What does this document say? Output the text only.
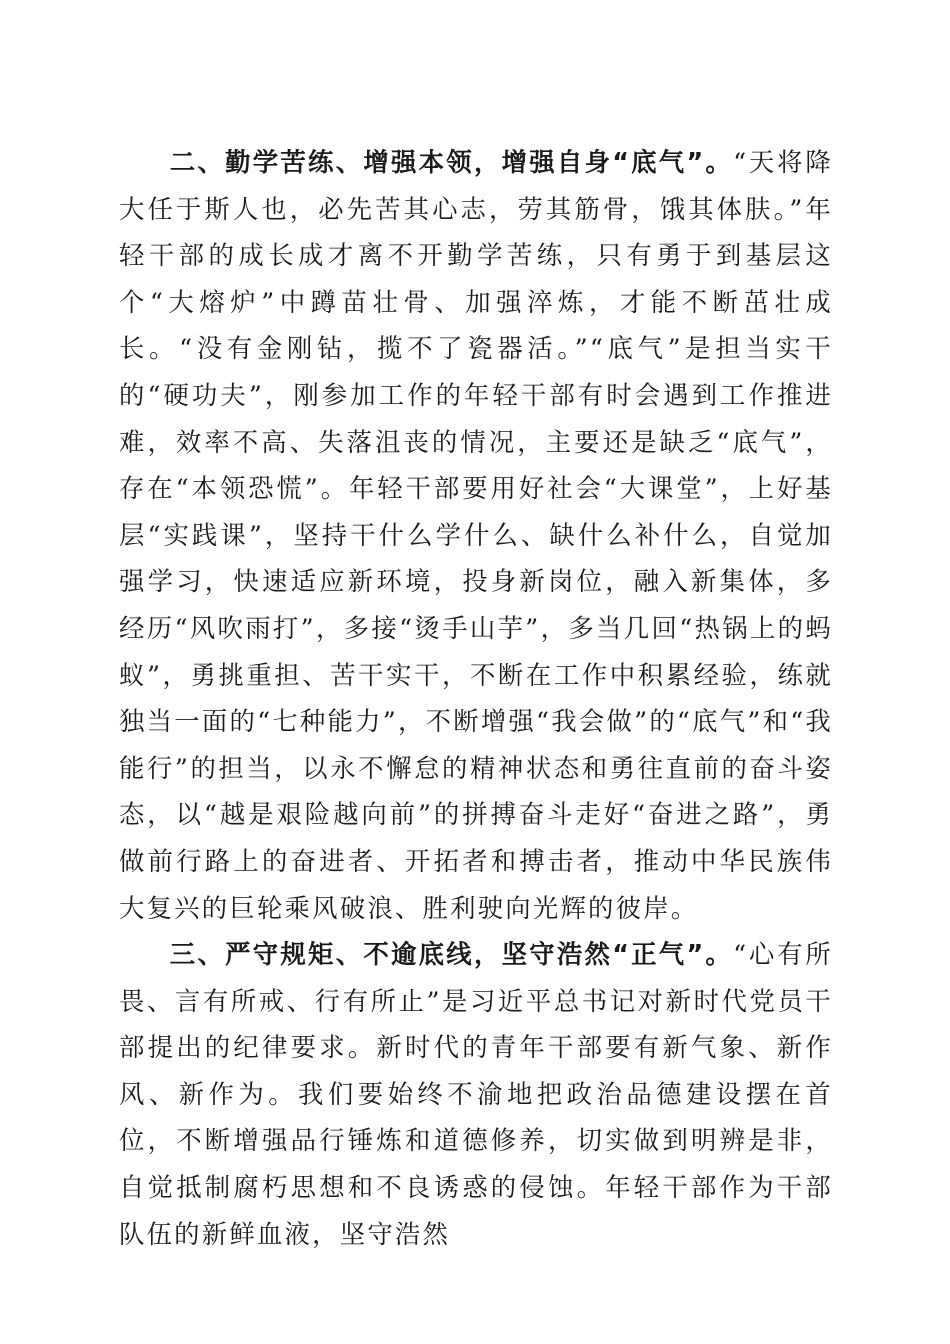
二、勤学苦练、增强本领，增强自身“底气”。“天将降大任于斯人也，必先苦其心志，劳其筋骨，饿其体肤。”年轻干部的成长成才离不开勤学苦练，只有勇于到基层这个“大熔炉”中蹲苗壮骨、加强淬炼，才能不断茁壮成长。“没有金刚钻，揽不了瓷器活。”“底气”是担当实干的“硬功夫”，刚参加工作的年轻干部有时会遇到工作推进难，效率不高、失落沮丧的情况，主要还是缺乏“底气”，存在“本领恐慌”。年轻干部要用好社会“大课堂”，上好基层“实践课”，坚持干什么学什么、缺什么补什么，自觉加强学习，快速适应新环境，投身新岗位，融入新集体，多经历“风吹雨打”，多接“烫手山芋”，多当几回“热锅上的蚂蚁”，勇挑重担、苦干实干，不断在工作中积累经验，练就独当一面的“七种能力”，不断增强“我会做”的“底气”和“我能行”的担当，以永不懈怠的精神状态和勇往直前的奋斗姿态，以“越是艰险越向前”的拼搏奋斗走好“奋进之路”，勇做前行路上的奋进者、开拓者和搏击者，推动中华民族伟大复兴的巨轮乘风破浪、胜利驶向光辉的彼岸。

三、严守规矩、不逾底线，坚守浩然“正气”。“心有所畏、言有所戒、行有所止”是习近平总书记对新时代党员干部提出的纪律要求。新时代的青年干部要有新气象、新作风、新作为。我们要始终不渝地把政治品德建设摆在首位，不断增强品行锤炼和道德修养，切实做到明辨是非，自觉抵制腐朽思想和不良诱惑的侵蚀。年轻干部作为干部队伍的新鲜血液，坚守浩然
